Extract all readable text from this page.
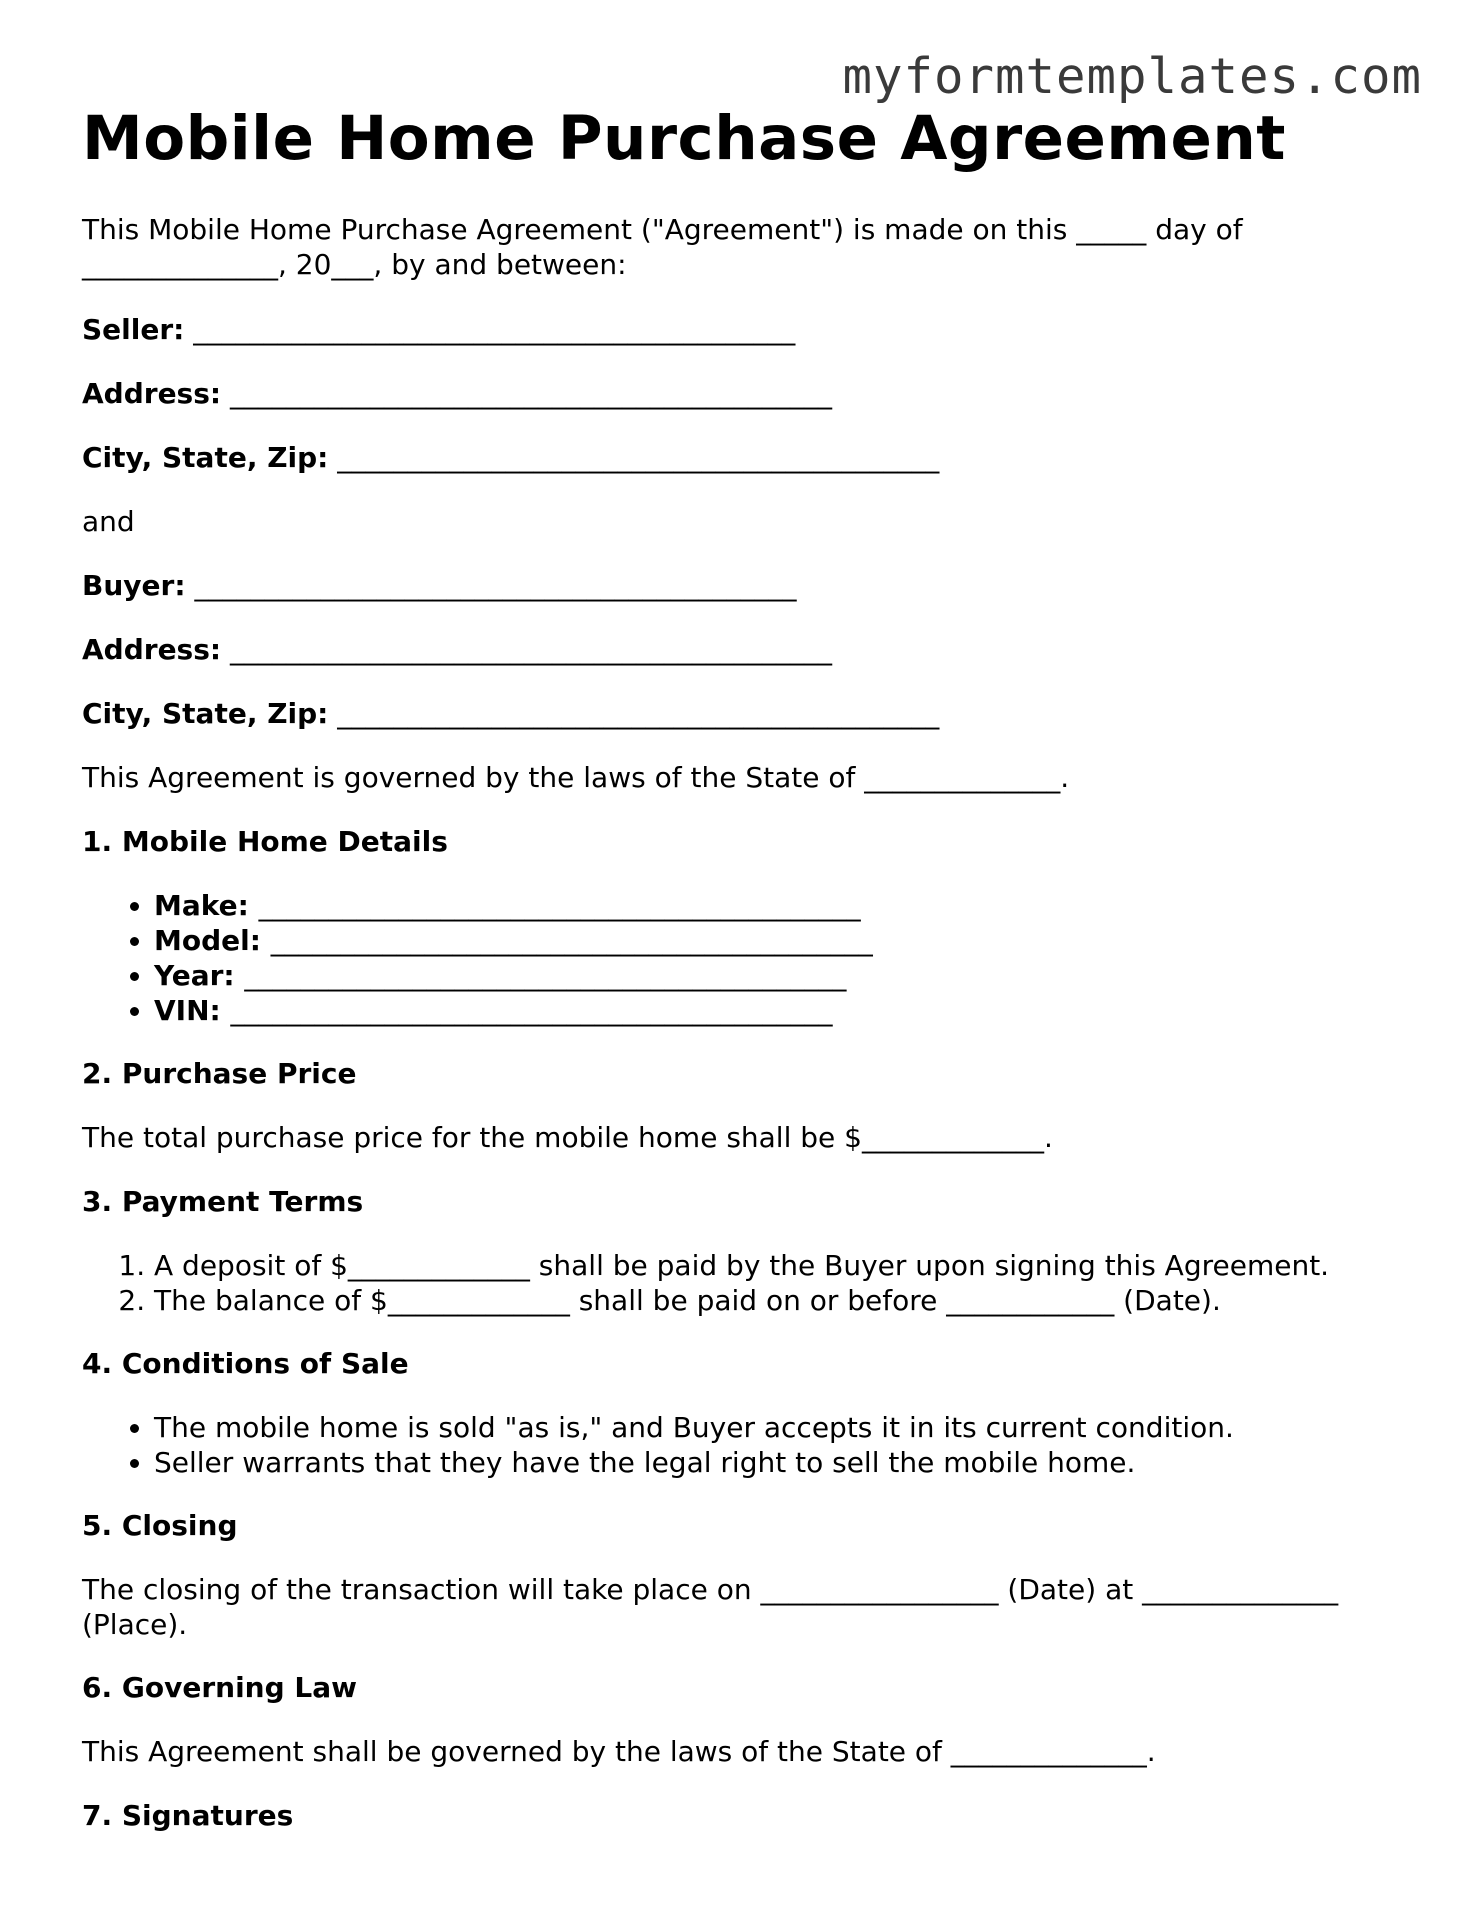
myformtemplates.com
Mobile Home Purchase Agreement

This Mobile Home Purchase Agreement ("Agreement") is made on this _____ day of ______________, 20___, by and between:

Seller: ___________________________________________

Address: ___________________________________________

City, State, Zip: ___________________________________________

and

Buyer: ___________________________________________

Address: ___________________________________________

City, State, Zip: ___________________________________________

This Agreement is governed by the laws of the State of ______________.

1. Mobile Home Details
• Make: ___________________________________________
• Model: ___________________________________________
• Year: ___________________________________________
• VIN: ___________________________________________
2. Purchase Price

The total purchase price for the mobile home shall be $_____________.

3. Payment Terms
1. A deposit of $_____________ shall be paid by the Buyer upon signing this Agreement.
2. The balance of $_____________ shall be paid on or before ____________ (Date).
4. Conditions of Sale
• The mobile home is sold "as is," and Buyer accepts it in its current condition.
• Seller warrants that they have the legal right to sell the mobile home.
5. Closing

The closing of the transaction will take place on _________________ (Date) at ______________ (Place).

6. Governing Law

This Agreement shall be governed by the laws of the State of ______________.

7. Signatures
